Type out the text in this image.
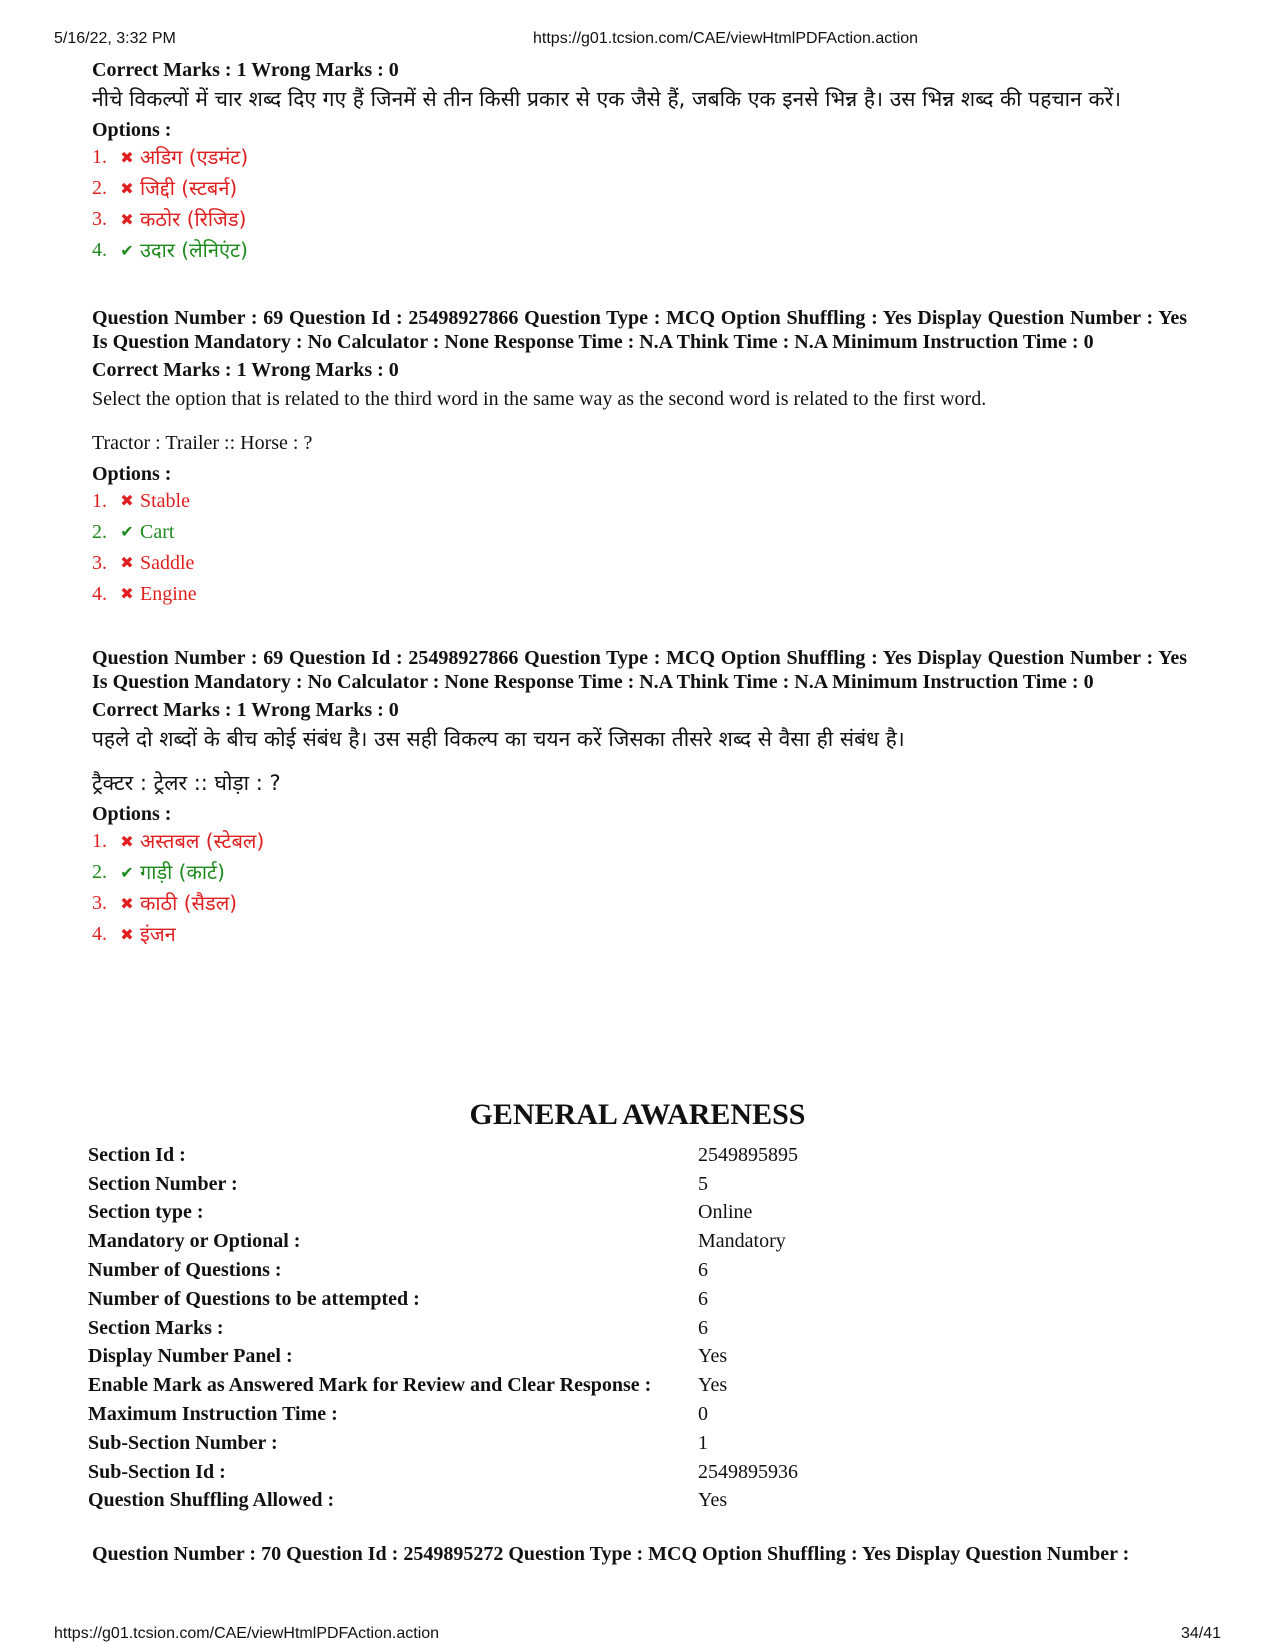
5/16/22, 3:32 PM	https://g01.tcsion.com/CAE/viewHtmlPDFAction.action
Correct Marks : 1 Wrong Marks : 0
नीचे विकल्पों में चार शब्द दिए गए हैं जिनमें से तीन किसी प्रकार से एक जैसे हैं, जबकि एक इनसे भिन्न है। उस भिन्न शब्द की पहचान करें।
Options :
1. ✖ अडिग (एडमंट)
2. ✖ जिद्दी (स्टबर्न)
3. ✖ कठोर (रिजिड)
4. ✔ उदार (लेनिएंट)
Question Number : 69 Question Id : 25498927866 Question Type : MCQ Option Shuffling : Yes Display Question Number : Yes Is Question Mandatory : No Calculator : None Response Time : N.A Think Time : N.A Minimum Instruction Time : 0
Correct Marks : 1 Wrong Marks : 0
Select the option that is related to the third word in the same way as the second word is related to the first word.
Tractor : Trailer :: Horse : ?
Options :
1. ✖ Stable
2. ✔ Cart
3. ✖ Saddle
4. ✖ Engine
Question Number : 69 Question Id : 25498927866 Question Type : MCQ Option Shuffling : Yes Display Question Number : Yes Is Question Mandatory : No Calculator : None Response Time : N.A Think Time : N.A Minimum Instruction Time : 0
Correct Marks : 1 Wrong Marks : 0
पहले दो शब्दों के बीच कोई संबंध है। उस सही विकल्प का चयन करें जिसका तीसरे शब्द से वैसा ही संबंध है।
ट्रैक्टर : ट्रेलर :: घोड़ा : ?
Options :
1. ✖ अस्तबल (स्टेबल)
2. ✔ गाड़ी (कार्ट)
3. ✖ काठी (सैडल)
4. ✖ इंजन
GENERAL AWARENESS
Section Id :	2549895895
Section Number :	5
Section type :	Online
Mandatory or Optional :	Mandatory
Number of Questions :	6
Number of Questions to be attempted :	6
Section Marks :	6
Display Number Panel :	Yes
Enable Mark as Answered Mark for Review and Clear Response :	Yes
Maximum Instruction Time :	0
Sub-Section Number :	1
Sub-Section Id :	2549895936
Question Shuffling Allowed :	Yes
Question Number : 70 Question Id : 2549895272 Question Type : MCQ Option Shuffling : Yes Display Question Number :
https://g01.tcsion.com/CAE/viewHtmlPDFAction.action	34/41
